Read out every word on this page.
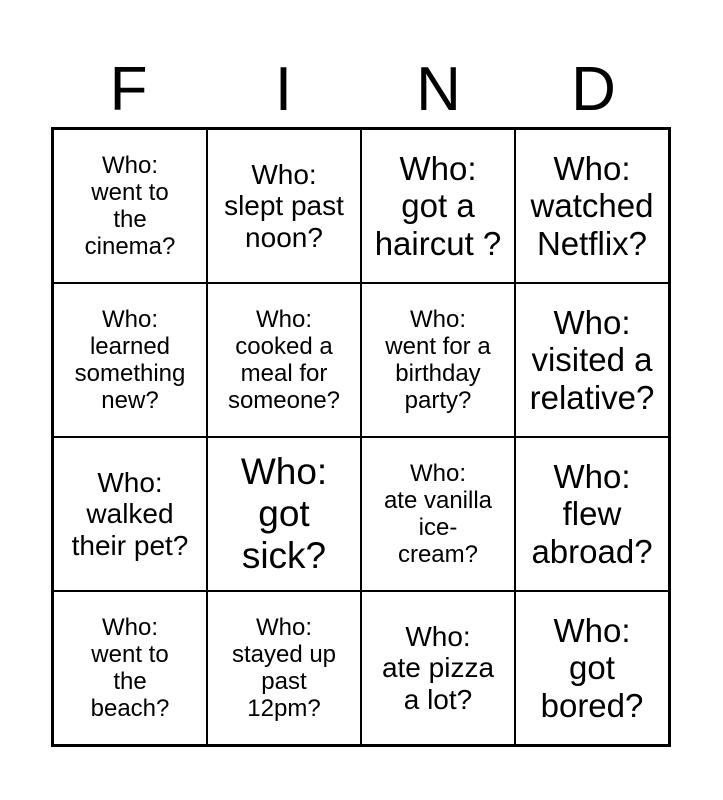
F	I	N	D
Who:
went to
the
cinema?
Who:
slept past
noon?
Who:
got a
haircut ?
Who:
watched
Netflix?
Who:
learned
something
new?
Who:
cooked a
meal for
someone?
Who:
went for a
birthday
party?
Who:
visited a
relative?
Who:
walked
their pet?
Who:
got
sick?
Who:
ate vanilla
ice-
cream?
Who:
flew
abroad?
Who:
went to
the
beach?
Who:
stayed up
past
12pm?
Who:
ate pizza
a lot?
Who:
got
bored?
